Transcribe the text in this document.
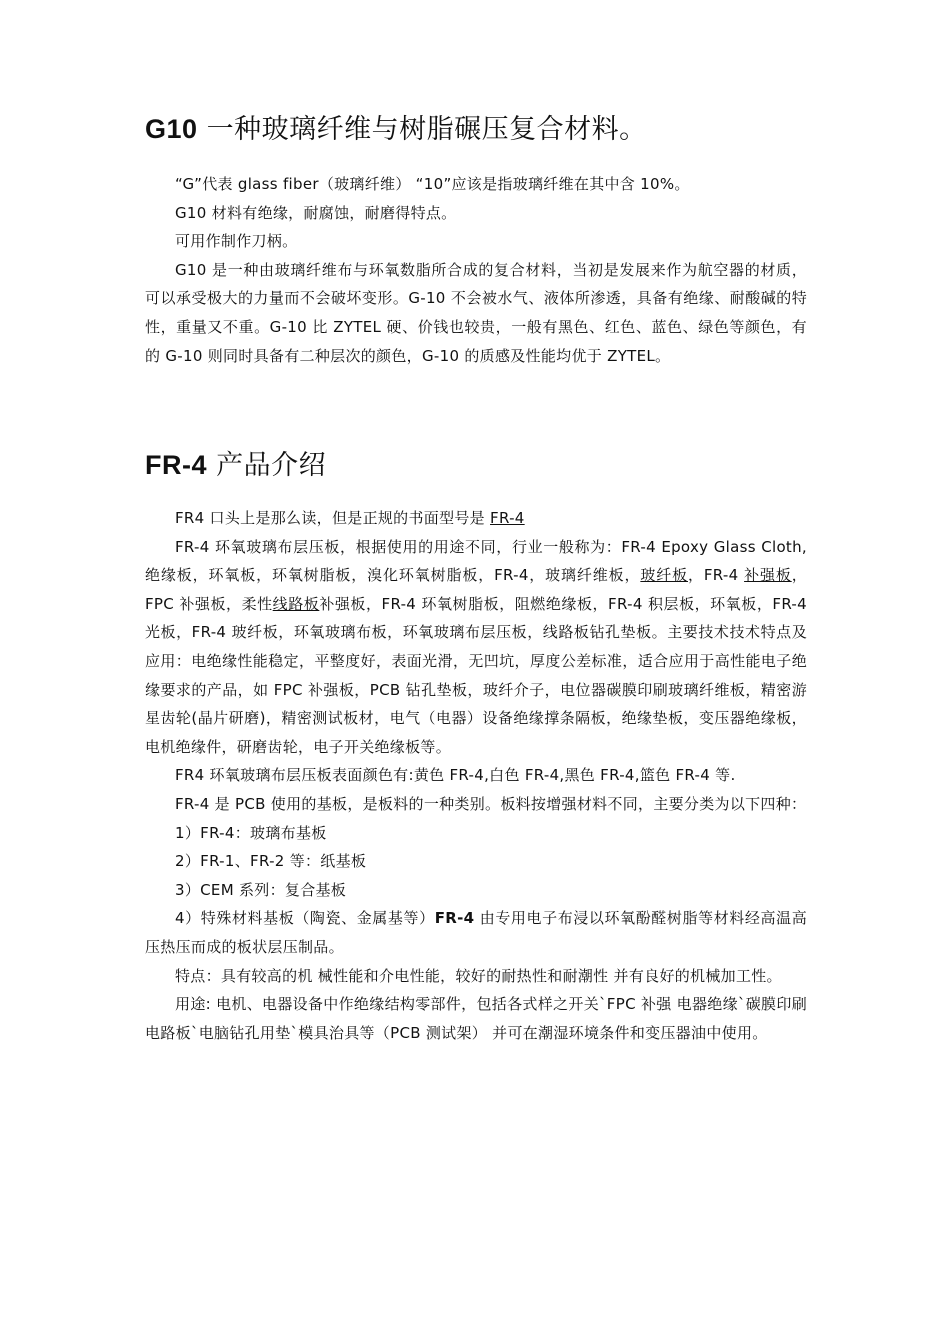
G10 一种玻璃纤维与树脂碾压复合材料。

“G”代表 glass fiber（玻璃纤维） “10”应该是指玻璃纤维在其中含 10%。

G10 材料有绝缘，耐腐蚀，耐磨得特点。

可用作制作刀柄。

G10 是一种由玻璃纤维布与环氧数脂所合成的复合材料，当初是发展来作为航空器的材质，可以承受极大的力量而不会破坏变形。G-10 不会被水气、液体所渗透，具备有绝缘、耐酸碱的特性，重量又不重。G-10 比 ZYTEL 硬、价钱也较贵，一般有黑色、红色、蓝色、绿色等颜色，有的 G-10 则同时具备有二种层次的颜色，G-10 的质感及性能均优于 ZYTEL。

FR-4 产品介绍

FR4 口头上是那么读，但是正规的书面型号是 FR-4

FR-4 环氧玻璃布层压板，根据使用的用途不同，行业一般称为：FR-4 Epoxy Glass Cloth,绝缘板，环氧板，环氧树脂板，溴化环氧树脂板，FR-4，玻璃纤维板，玻纤板，FR-4 补强板，FPC 补强板，柔性线路板补强板，FR-4 环氧树脂板，阻燃绝缘板，FR-4 积层板，环氧板，FR-4 光板，FR-4 玻纤板，环氧玻璃布板，环氧玻璃布层压板，线路板钻孔垫板。主要技术技术特点及应用：电绝缘性能稳定，平整度好，表面光滑，无凹坑，厚度公差标准，适合应用于高性能电子绝缘要求的产品，如 FPC 补强板，PCB 钻孔垫板，玻纤介子，电位器碳膜印刷玻璃纤维板，精密游星齿轮(晶片研磨)，精密测试板材，电气（电器）设备绝缘撑条隔板，绝缘垫板，变压器绝缘板，电机绝缘件，研磨齿轮，电子开关绝缘板等。

FR4 环氧玻璃布层压板表面颜色有:黄色 FR-4,白色 FR-4,黑色 FR-4,篮色 FR-4 等.

FR-4 是 PCB 使用的基板，是板料的一种类别。板料按增强材料不同，主要分类为以下四种：

1）FR-4：玻璃布基板

2）FR-1、FR-2 等：纸基板

3）CEM 系列：复合基板

4）特殊材料基板（陶瓷、金属基等）FR-4 由专用电子布浸以环氧酚醛树脂等材料经高温高压热压而成的板状层压制品。

特点：具有较高的机 械性能和介电性能，较好的耐热性和耐潮性 并有良好的机械加工性。

用途: 电机、电器设备中作绝缘结构零部件，包括各式样之开关`FPC 补强 电器绝缘`碳膜印刷电路板`电脑钻孔用垫`模具治具等（PCB 测试架） 并可在潮湿环境条件和变压器油中使用。
